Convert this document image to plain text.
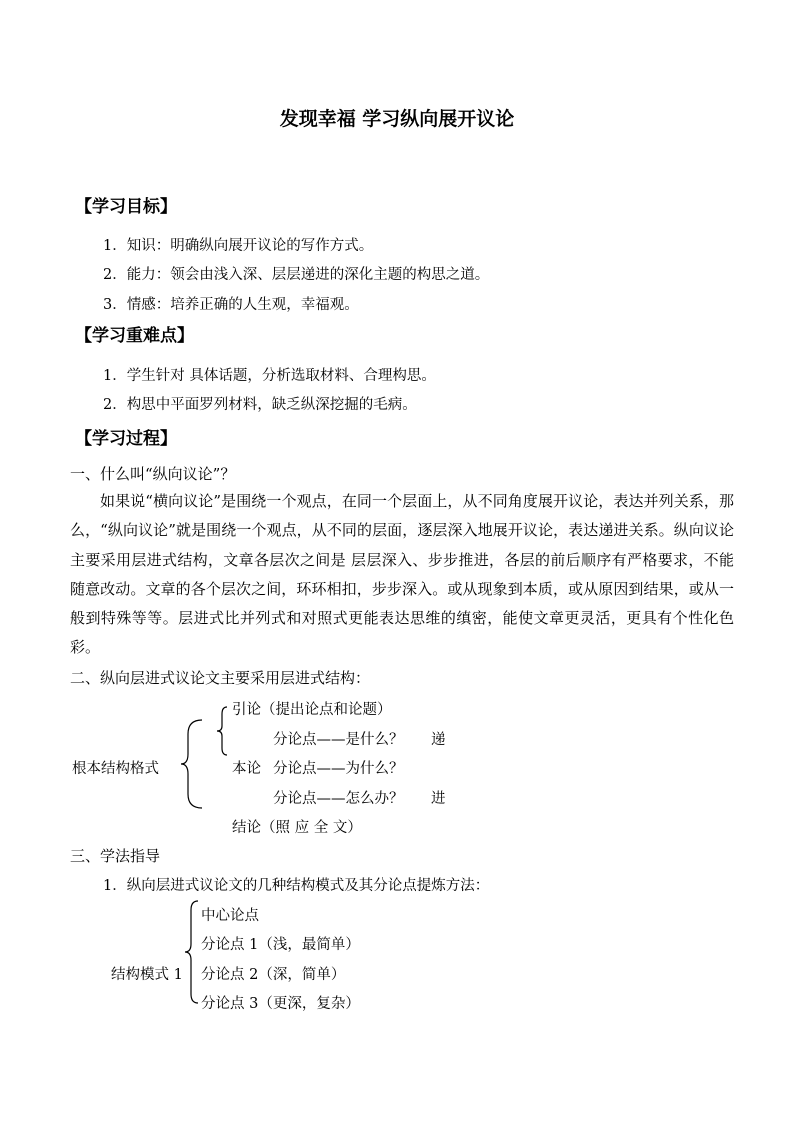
发现幸福 学习纵向展开议论
【学习目标】
1．知识：明确纵向展开议论的写作方式。
2．能力：领会由浅入深、层层递进的深化主题的构思之道。
3．情感：培养正确的人生观，幸福观。
【学习重难点】
1．学生针对 具体话题，分析选取材料、合理构思。
2．构思中平面罗列材料，缺乏纵深挖掘的毛病。
【学习过程】
一、什么叫“纵向议论”？
如果说“横向议论”是围绕一个观点，在同一个层面上，从不同角度展开议论，表达并列关系，那么，“纵向议论”就是围绕一个观点，从不同的层面，逐层深入地展开议论，表达递进关系。纵向议论主要采用层进式结构，文章各层次之间是 层层深入、步步推进，各层的前后顺序有严格要求，不能随意改动。文章的各个层次之间，环环相扣，步步深入。或从现象到本质，或从原因到结果，或从一般到特殊等等。层进式比并列式和对照式更能表达思维的缜密，能使文章更灵活，更具有个性化色彩。
二、纵向层进式议论文主要采用层进式结构：
根本结构格式
引论（提出论点和论题）
分论点——是什么？ 递
本论 分论点——为什么？
分论点——怎么办？ 进
结论（照 应 全 文）
三、学法指导
1．纵向层进式议论文的几种结构模式及其分论点提炼方法：
结构模式 1
中心论点
分论点 1（浅，最简单）
分论点 2（深，简单）
分论点 3（更深，复杂）
